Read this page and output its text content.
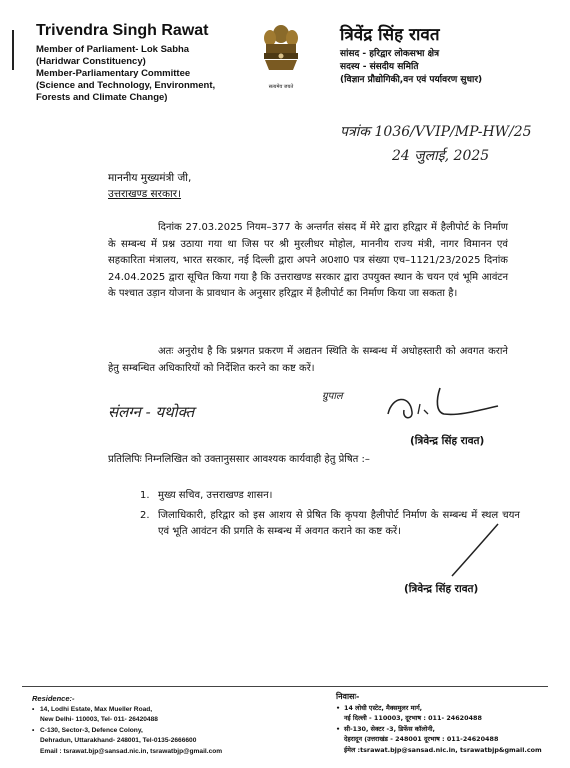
Trivendra Singh Rawat
Member of Parliament- Lok Sabha
(Haridwar Constituency)
Member-Parliamentary Committee
(Science and Technology, Environment,
Forests and Climate Change)
सत्यमेव जयते
त्रिवेंद्र सिंह रावत
सांसद - हरिद्वार लोकसभा क्षेत्र
सदस्य - संसदीय समिति
(विज्ञान प्रौद्योगिकी,वन एवं पर्यावरण सुधार)
पत्रांक 1036/VVIP/MP-HW/25
24 जुलाई, 2025
माननीय मुख्यमंत्री जी,
उत्तराखण्ड सरकार।
दिनांक 27.03.2025 नियम–377 के अन्तर्गत संसद में मेरे द्वारा हरिद्वार में हैलीपोर्ट के निर्माण के सम्बन्ध में प्रश्न उठाया गया था जिस पर श्री मुरलीधर मोहोल, माननीय राज्य मंत्री, नागर विमानन एवं सहकारिता मंत्रालय, भारत सरकार, नई दिल्ली द्वारा अपने अ0शा0 पत्र संख्या एच–1121/23/2025 दिनांक 24.04.2025 द्वारा सूचित किया गया है कि उत्तराखण्ड सरकार द्वारा उपयुक्त स्थान के चयन एवं भूमि आवंटन के पश्चात उड़ान योजना के प्रावधान के अनुसार हरिद्वार में हैलीपोर्ट का निर्माण किया जा सकता है।
अतः अनुरोध है कि प्रश्नगत प्रकरण में अद्यतन स्थिति के सम्बन्ध में अधोहस्तारी को अवगत कराने हेतु सम्बन्धित अधिकारियों को निर्देशित करने का कष्ट करें।
संलग्न - यथोक्त
ग्रुपाल
(त्रिवेन्द्र सिंह रावत)
प्रतिलिपिः निम्नलिखित को उक्तानुससार आवश्यक कार्यवाही हेतु प्रेषित :–
1. मुख्य सचिव, उत्तराखण्ड शासन।
2. जिलाधिकारी, हरिद्वार को इस आशय से प्रेषित कि कृपया हैलीपोर्ट निर्माण के सम्बन्ध में स्थल चयन एवं भूति आवंटन की प्रगति के सम्बन्ध में अवगत कराने का कष्ट करें।
(त्रिवेन्द्र सिंह रावत)
Residence:-
• 14, Lodhi Estate, Max Mueller Road,
New Delhi- 110003, Tel- 011- 26420488
• C-130, Sector-3, Defence Colony,
Dehradun, Uttarakhand- 248001, Tel-0135-2666600
Email : tsrawat.bjp@sansad.nic.in, tsrawatbjp@gmail.com
निवासः-
• 14 लोधी एस्टेट, मैक्समुलर मार्ग,
नई दिल्ली - 110003, दूरभाष : 011- 24620488
• सी-130, सेक्टर -3, डिफेंस कॉलोनी,
देहरादून (उत्तराखंड - 248001 दूरभाष : 011-24620488
ईमेल :tsrawat.bjp@sansad.nic.in, tsrawatbjp&gmail.com
